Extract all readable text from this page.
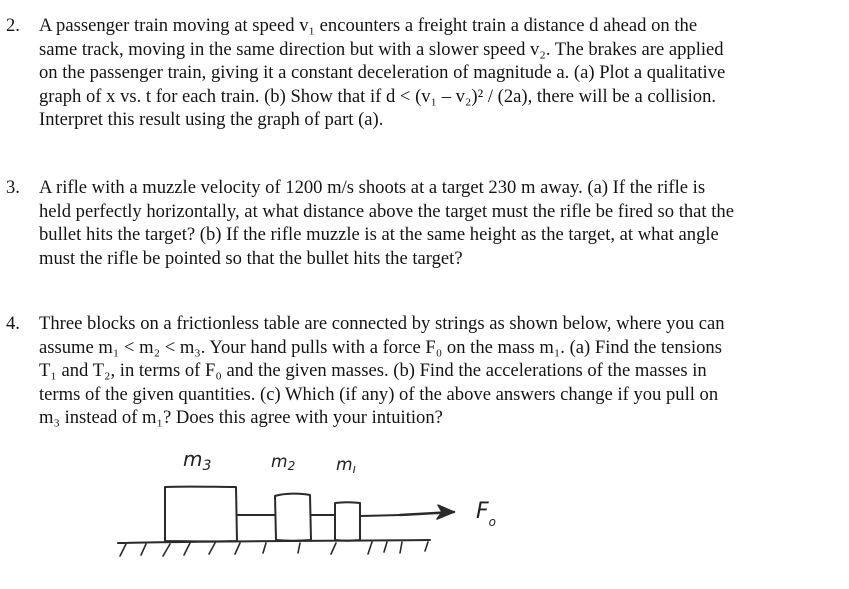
2. A passenger train moving at speed v₁ encounters a freight train a distance d ahead on the
same track, moving in the same direction but with a slower speed v₂. The brakes are applied
on the passenger train, giving it a constant deceleration of magnitude a. (a) Plot a qualitative
graph of x vs. t for each train. (b) Show that if d < (v₁ – v₂)² / (2a), there will be a collision.
Interpret this result using the graph of part (a).
3. A rifle with a muzzle velocity of 1200 m/s shoots at a target 230 m away. (a) If the rifle is
held perfectly horizontally, at what distance above the target must the rifle be fired so that the
bullet hits the target? (b) If the rifle muzzle is at the same height as the target, at what angle
must the rifle be pointed so that the bullet hits the target?
4. Three blocks on a frictionless table are connected by strings as shown below, where you can
assume m₁ < m₂ < m₃. Your hand pulls with a force F₀ on the mass m₁. (a) Find the tensions
T₁ and T₂, in terms of F₀ and the given masses. (b) Find the accelerations of the masses in
terms of the given quantities. (c) Which (if any) of the above answers change if you pull on
m₃ instead of m₁? Does this agree with your intuition?
$m_3$	m2 mı
$F_o$
